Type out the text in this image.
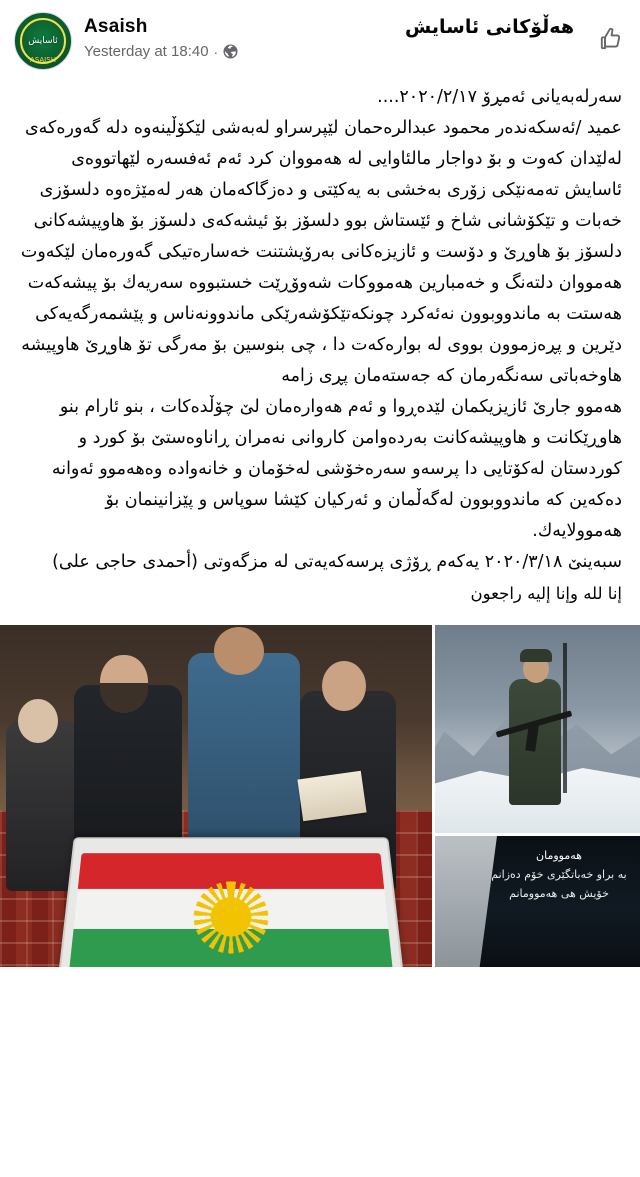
ئاسایش
ASAISH
Asaish	هەڵۆکانی ئاسایش
Yesterday at 18:40 ·

سەرلەبەیانی ئەمڕۆ ٢٠٢٠/٢/١٧....

عمید /ئەسکەندەر محمود عبدالرەحمان لێپرسراو لەبەشی لێکۆڵینەوە دلە گەورەکەی لەلێدان کەوت و بۆ دواجار مالئاوایی لە هەمووان کرد ئەم ئەفسەرە لێهاتووەی ئاسایش تەمەنێکی زۆری بەخشی بە یەکێتی و دەزگاکەمان هەر لەمێژەوە دلسۆزی خەبات و تێکۆشانی شاخ و ئێستاش بوو دلسۆز بۆ ئیشەکەی دلسۆز بۆ هاوپیشەکانی دلسۆز بۆ هاوڕێ و دۆست و ئازیزەکانی بەرۆیشتنت خەسارەتیکی گەورەمان لێکەوت هەمووان دلتەنگ و خەمبارین هەمووکات شەوۆڕێت خستبووە سەریەك بۆ پیشەکەت هەستت بە ماندووبوون نەئەکرد چونکەتێکۆشەرێکی ماندوونەناس و پێشمەرگەیەکی دێرین و پڕەزموون بووی لە بوارەکەت دا ، چی بنوسین بۆ مەرگی تۆ هاوڕێ هاوپیشە هاوخەباتی سەنگەرمان که جەستەمان پڕی زامە

هەموو جارێ ئازیزیکمان لێدەڕوا و ئەم هەوارەمان لێ چۆڵدەکات ، بنو ئارام بنو هاوڕێکانت و هاوپیشەکانت بەردەوامن کاروانی نەمران ڕاناوەستێ بۆ کورد و کوردستان لەکۆتایی دا پرسەو سەرەخۆشی لەخۆمان و خانەواده وەهەموو ئەوانه دەکەین که ماندووبوون لەگەڵمان و ئەرکیان کێشا سوپاس و پێزانینمان بۆ هەموولایەك.

سبەینێ ٢٠٢٠/٣/١٨ یەکەم ڕۆژی پرسەکەیەتی لە مزگەوتی (أحمدی حاجی علی)

إنا لله وإنا إليه راجعون

هەموومان
به براو خەباتگێری خۆم دەزانم
خۆیش هی هەموومانم
